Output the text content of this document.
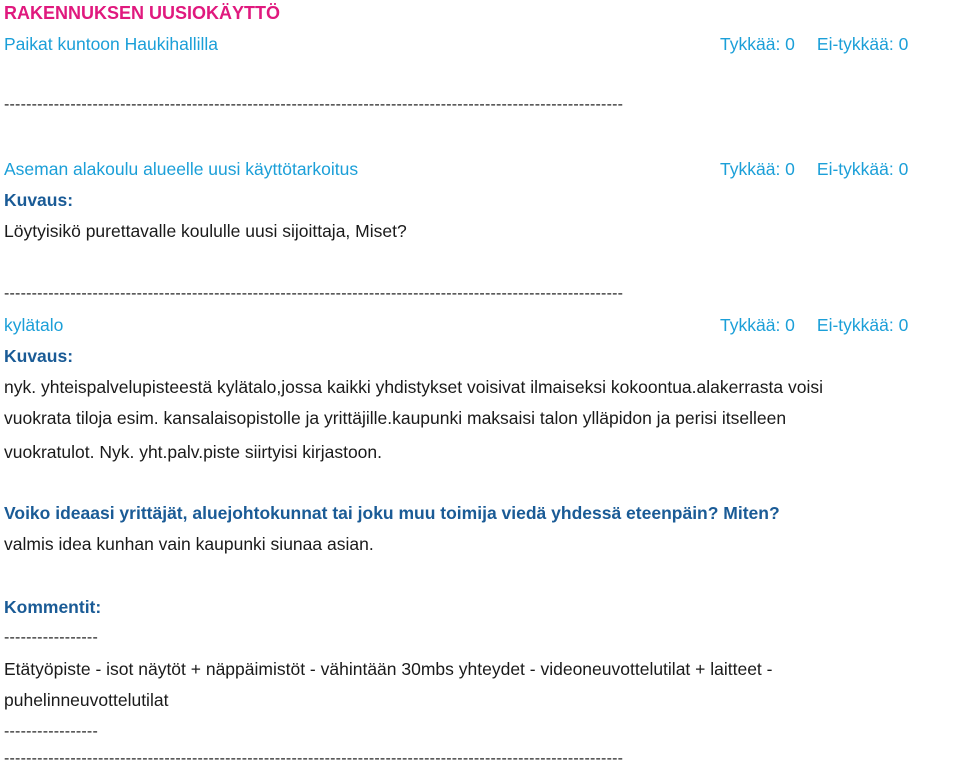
RAKENNUKSEN UUSIOKÄYTTÖ
Paikat kuntoon Haukihallilla	Tykkää: 0 Ei-tykkää: 0
----------------------------------------------------------------------------------------------------------------
Aseman alakoulu alueelle uusi käyttötarkoitus	Tykkää: 0 Ei-tykkää: 0
Kuvaus:
Löytyisikö purettavalle koululle uusi sijoittaja, Miset?
----------------------------------------------------------------------------------------------------------------
kylätalo	Tykkää: 0 Ei-tykkää: 0
Kuvaus:
nyk. yhteispalvelupisteestä kylätalo,jossa kaikki yhdistykset voisivat ilmaiseksi kokoontua.alakerrasta voisi
vuokrata tiloja esim. kansalaisopistolle ja yrittäjille.kaupunki maksaisi talon ylläpidon ja perisi itselleen
vuokratulot. Nyk. yht.palv.piste siirtyisi kirjastoon.
Voiko ideaasi yrittäjät, aluejohtokunnat tai joku muu toimija viedä yhdessä eteenpäin? Miten?
valmis idea kunhan vain kaupunki siunaa asian.
Kommentit:
-----------------
Etätyöpiste - isot näytöt + näppäimistöt - vähintään 30mbs yhteydet - videoneuvottelutilat + laitteet -
puhelinneuvottelutilat
-----------------
----------------------------------------------------------------------------------------------------------------
